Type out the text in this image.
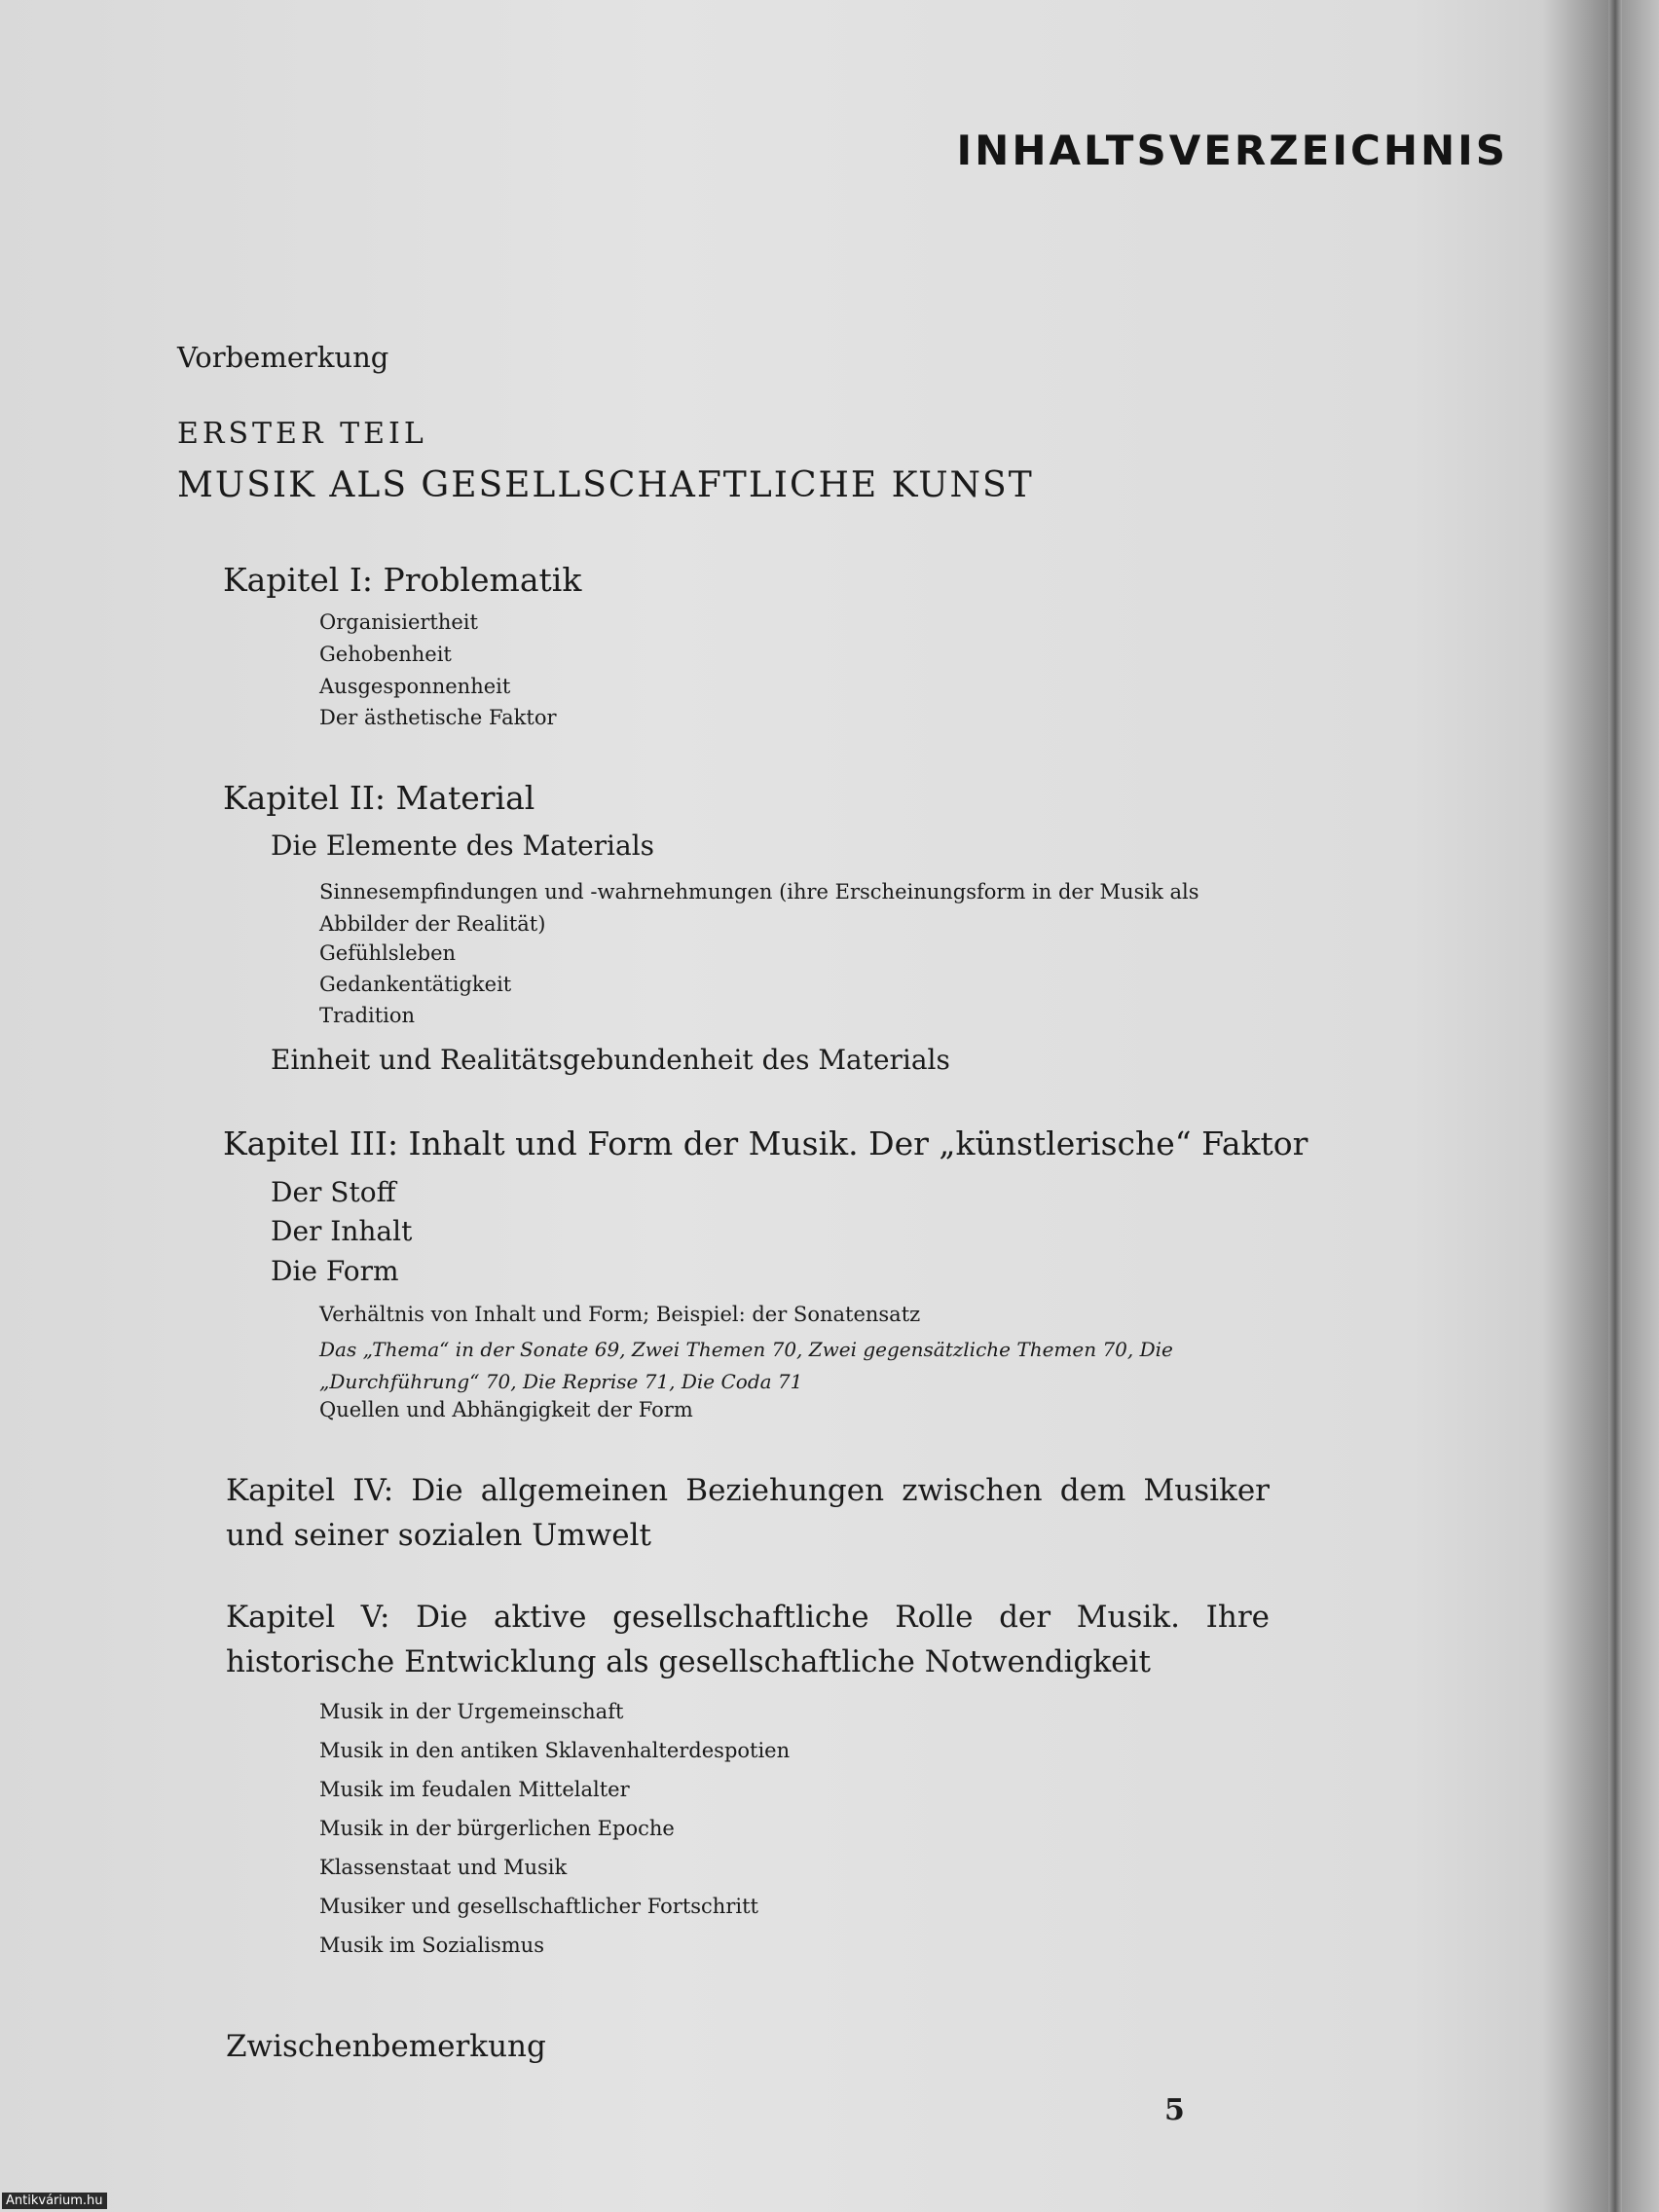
INHALTSVERZEICHNIS
Vorbemerkung
ERSTER TEIL
MUSIK ALS GESELLSCHAFTLICHE KUNST
Kapitel I: Problematik
Organisiertheit
Gehobenheit
Ausgesponnenheit
Der ästhetische Faktor
Kapitel II: Material
Die Elemente des Materials
Sinnesempfindungen und -wahrnehmungen (ihre Erscheinungsform in der Musik als Abbilder der Realität)
Gefühlsleben
Gedankentätigkeit
Tradition
Einheit und Realitätsgebundenheit des Materials
Kapitel III: Inhalt und Form der Musik. Der „künstlerische“ Faktor
Der Stoff
Der Inhalt
Die Form
Verhältnis von Inhalt und Form; Beispiel: der Sonatensatz
Das „Thema“ in der Sonate 69, Zwei Themen 70, Zwei gegensätzliche Themen 70, Die „Durchführung“ 70, Die Reprise 71, Die Coda 71
Quellen und Abhängigkeit der Form
Kapitel IV: Die allgemeinen Beziehungen zwischen dem Musiker und seiner sozialen Umwelt
Kapitel V: Die aktive gesellschaftliche Rolle der Musik. Ihre historische Entwicklung als gesellschaftliche Notwendigkeit
Musik in der Urgemeinschaft
Musik in den antiken Sklavenhalterdespotien
Musik im feudalen Mittelalter
Musik in der bürgerlichen Epoche
Klassenstaat und Musik
Musiker und gesellschaftlicher Fortschritt
Musik im Sozialismus
Zwischenbemerkung
5
Antikvárium.hu
